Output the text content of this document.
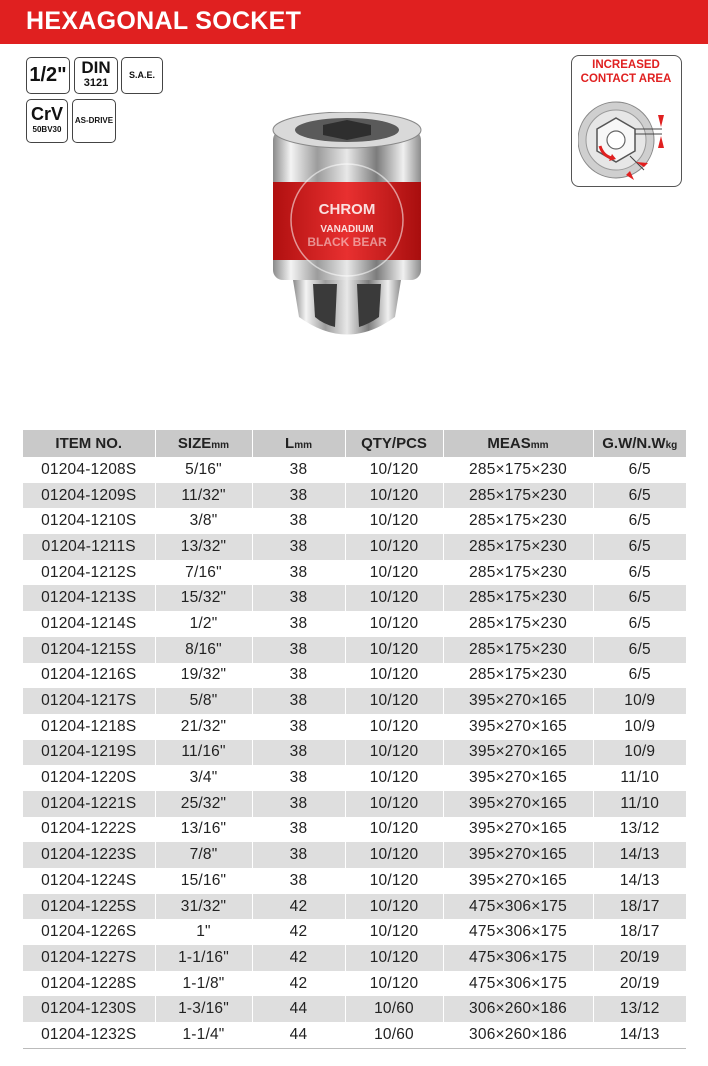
HEXAGONAL SOCKET
1/2" DIN
3121
S.A.E.
CrV
50BV30
AS-DRIVE
INCREASED
CONTACT AREA
CHROM
VANADIUM
BLACK BEAR
ITEM NO.	SIZEmm	Lmm	QTY/PCS	MEASmm	G.W/N.Wkg
01204-1208S	5/16"	38	10/120	285×175×230	6/5
01204-1209S	11/32"	38	10/120	285×175×230	6/5
01204-1210S	3/8"	38	10/120	285×175×230	6/5
01204-1211S	13/32"	38	10/120	285×175×230	6/5
01204-1212S	7/16"	38	10/120	285×175×230	6/5
01204-1213S	15/32"	38	10/120	285×175×230	6/5
01204-1214S	1/2"	38	10/120	285×175×230	6/5
01204-1215S	8/16"	38	10/120	285×175×230	6/5
01204-1216S	19/32"	38	10/120	285×175×230	6/5
01204-1217S	5/8"	38	10/120	395×270×165	10/9
01204-1218S	21/32"	38	10/120	395×270×165	10/9
01204-1219S	11/16"	38	10/120	395×270×165	10/9
01204-1220S	3/4"	38	10/120	395×270×165	11/10
01204-1221S	25/32"	38	10/120	395×270×165	11/10
01204-1222S	13/16"	38	10/120	395×270×165	13/12
01204-1223S	7/8"	38	10/120	395×270×165	14/13
01204-1224S	15/16"	38	10/120	395×270×165	14/13
01204-1225S	31/32"	42	10/120	475×306×175	18/17
01204-1226S	1"	42	10/120	475×306×175	18/17
01204-1227S	1-1/16"	42	10/120	475×306×175	20/19
01204-1228S	1-1/8"	42	10/120	475×306×175	20/19
01204-1230S	1-3/16"	44	10/60	306×260×186	13/12
01204-1232S	1-1/4"	44	10/60	306×260×186	14/13
